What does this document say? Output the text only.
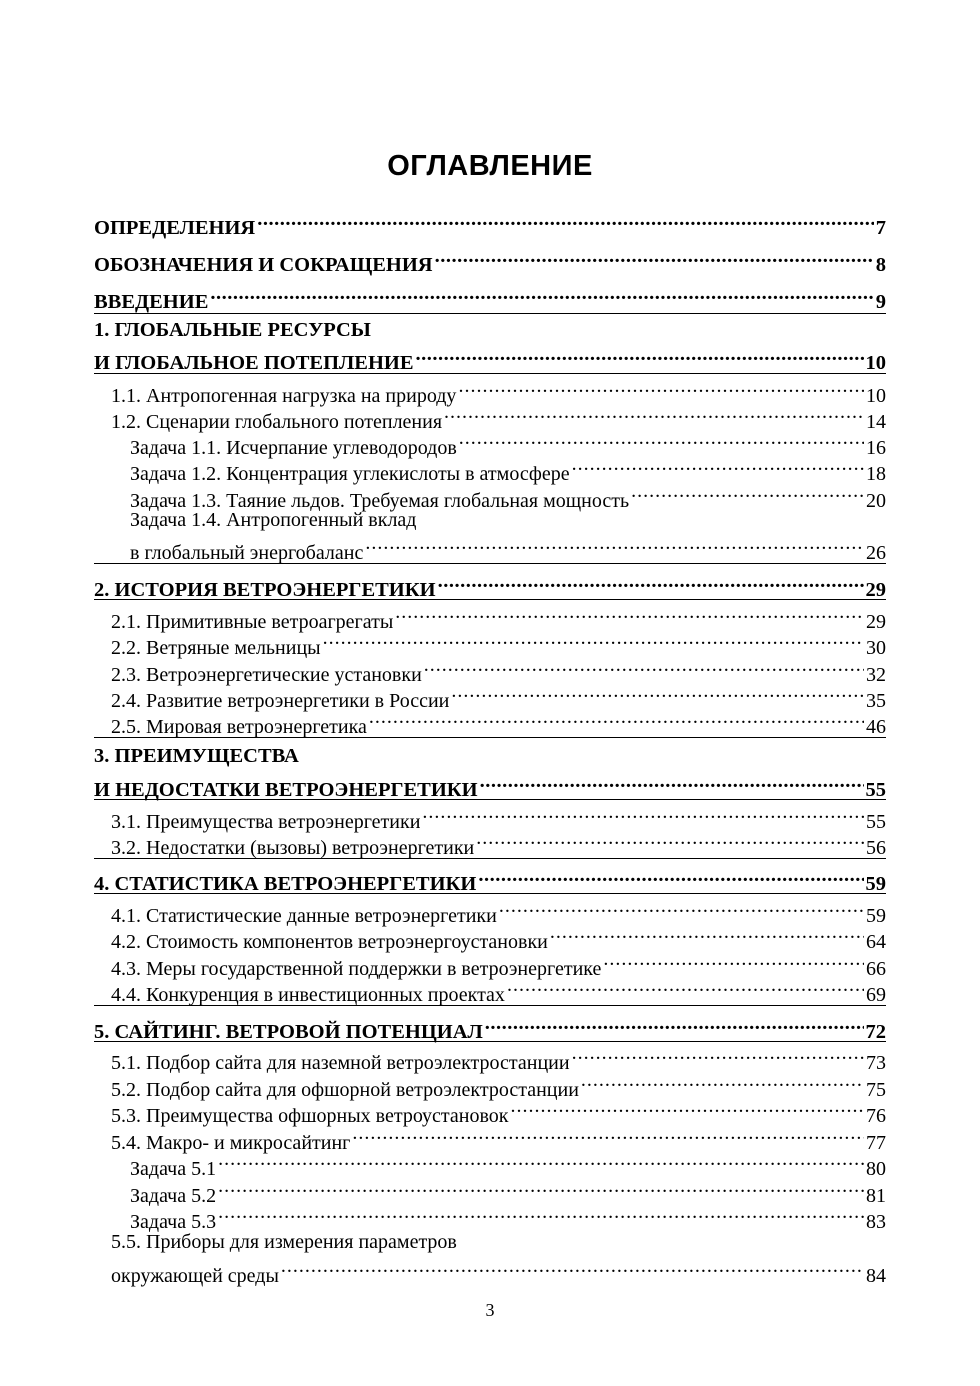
ОГЛАВЛЕНИЕ
ОПРЕДЕЛЕНИЯ .....	7
ОБОЗНАЧЕНИЯ И СОКРАЩЕНИЯ .....	8
ВВЕДЕНИЕ .....	9
1. ГЛОБАЛЬНЫЕ РЕСУРСЫ
И ГЛОБАЛЬНОЕ ПОТЕПЛЕНИЕ .....	10
1.1. Антропогенная нагрузка на природу .....	10
1.2. Сценарии глобального потепления .....	14
Задача 1.1. Исчерпание углеводородов .....	16
Задача 1.2. Концентрация углекислоты в атмосфере .....	18
Задача 1.3. Таяние льдов. Требуемая глобальная мощность .....	20
Задача 1.4. Антропогенный вклад
в глобальный энергобаланс .....	26
2. ИСТОРИЯ ВЕТРОЭНЕРГЕТИКИ .....	29
2.1. Примитивные ветроагрегаты .....	29
2.2. Ветряные мельницы .....	30
2.3. Ветроэнергетические установки .....	32
2.4. Развитие ветроэнергетики в России .....	35
2.5. Мировая ветроэнергетика .....	46
3. ПРЕИМУЩЕСТВА
И НЕДОСТАТКИ ВЕТРОЭНЕРГЕТИКИ .....	55
3.1. Преимущества ветроэнергетики .....	55
3.2. Недостатки (вызовы) ветроэнергетики .....	56
4. СТАТИСТИКА ВЕТРОЭНЕРГЕТИКИ .....	59
4.1. Статистические данные ветроэнергетики .....	59
4.2. Стоимость компонентов ветроэнергоустановки .....	64
4.3. Меры государственной поддержки в ветроэнергетике .....	66
4.4. Конкуренция в инвестиционных проектах .....	69
5. САЙТИНГ. ВЕТРОВОЙ ПОТЕНЦИАЛ .....	72
5.1. Подбор сайта для наземной ветроэлектростанции .....	73
5.2. Подбор сайта для офшорной ветроэлектростанции .....	75
5.3. Преимущества офшорных ветроустановок .....	76
5.4. Макро- и микросайтинг .....	77
Задача 5.1 .....	80
Задача 5.2 .....	81
Задача 5.3 .....	83
5.5. Приборы для измерения параметров
окружающей среды .....	84
3
